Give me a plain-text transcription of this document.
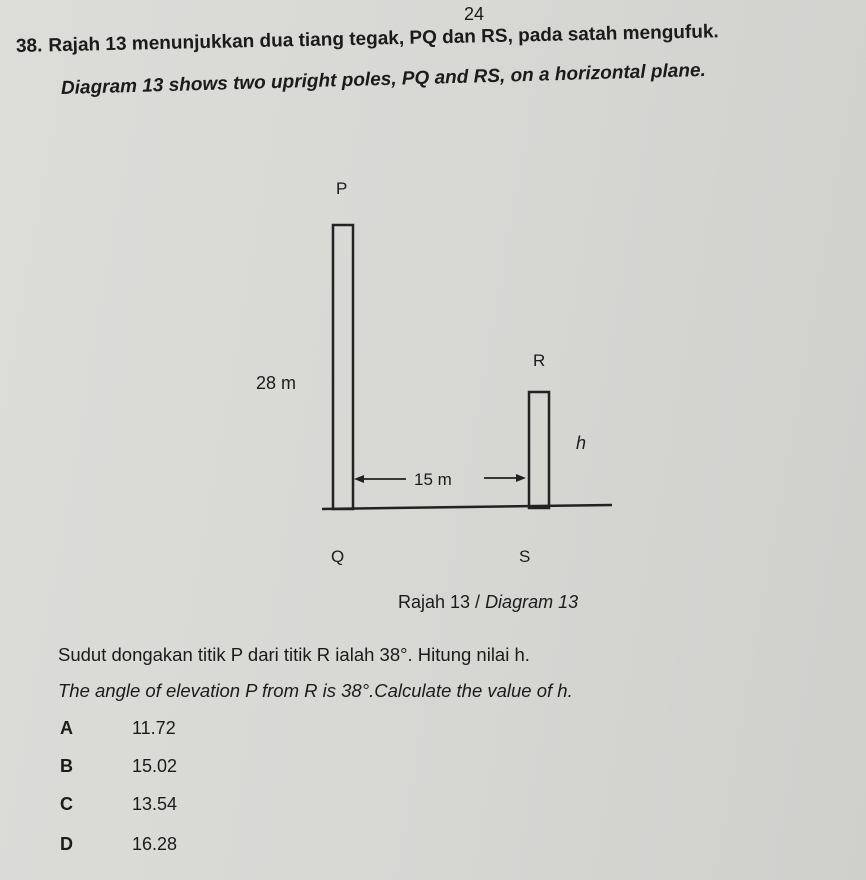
24
38. Rajah 13 menunjukkan dua tiang tegak, PQ dan RS, pada satah mengufuk.
Diagram 13 shows two upright poles, PQ and RS, on a horizontal plane.
P
Q
R
S
28 m
h
15 m
Rajah 13 / Diagram 13
Sudut dongakan titik P dari titik R ialah 38°. Hitung nilai h.
The angle of elevation P from R is 38°.Calculate the value of h.
A	11.72
B	15.02
C	13.54
D	16.28
